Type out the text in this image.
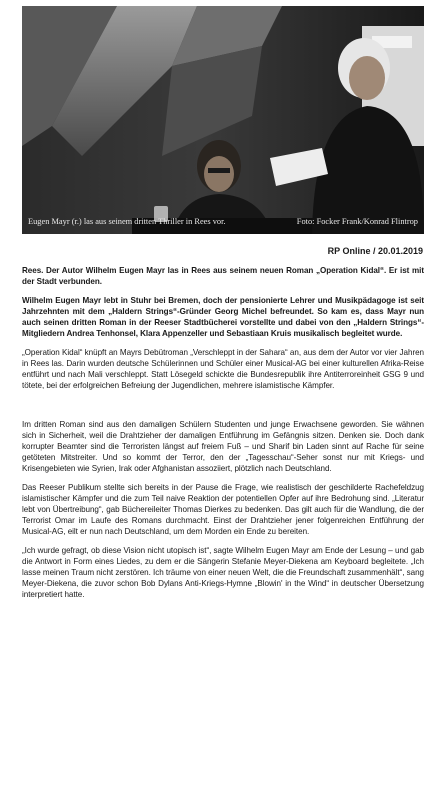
Eugen Mayr (r.) las aus seinem dritten Thriller in Rees vor.	Foto: Focker Frank/Konrad Flintrop
RP Online / 20.01.2019

Rees. Der Autor Wilhelm Eugen Mayr las in Rees aus seinem neuen Roman „Operation Kidal“. Er ist mit der Stadt verbunden.

Wilhelm Eugen Mayr lebt in Stuhr bei Bremen, doch der pensionierte Lehrer und Musikpädagoge ist seit Jahrzehnten mit dem „Haldern Strings“-Gründer Georg Michel befreundet. So kam es, dass Mayr nun auch seinen dritten Roman in der Reeser Stadtbücherei vorstellte und dabei von den „Haldern Strings“-Mitgliedern Andrea Tenhonsel, Klara Appenzeller und Sebastiaan Kruis musikalisch begleitet wurde.

„Operation Kidal“ knüpft an Mayrs Debütroman „Verschleppt in der Sahara“ an, aus dem der Autor vor vier Jahren in Rees las. Darin wurden deutsche Schülerinnen und Schüler einer Musical-AG bei einer kulturellen Afrika-Reise entführt und nach Mali verschleppt. Statt Lösegeld schickte die Bundesrepublik ihre Antiterroreinheit GSG 9 und tötete, bei der erfolgreichen Befreiung der Jugendlichen, mehrere islamistische Kämpfer.

Im dritten Roman sind aus den damaligen Schülern Studenten und junge Erwachsene geworden. Sie wähnen sich in Sicherheit, weil die Drahtzieher der damaligen Entführung im Gefängnis sitzen. Denken sie. Doch dank korrupter Beamter sind die Terroristen längst auf freiem Fuß – und Sharif bin Laden sinnt auf Rache für seine getöteten Mitstreiter. Und so kommt der Terror, den der „Tagesschau“-Seher sonst nur mit Kriegs- und Krisengebieten wie Syrien, Irak oder Afghanistan assoziiert, plötzlich nach Deutschland.

Das Reeser Publikum stellte sich bereits in der Pause die Frage, wie realistisch der geschilderte Rachefeldzug islamistischer Kämpfer und die zum Teil naive Reaktion der potentiellen Opfer auf ihre Bedrohung sind. „Literatur lebt von Übertreibung“, gab Büchereileiter Thomas Dierkes zu bedenken. Das gilt auch für die Wandlung, die der Terrorist Omar im Laufe des Romans durchmacht. Einst der Drahtzieher jener folgenreichen Entführung der Musical-AG, eilt er nun nach Deutschland, um dem Morden ein Ende zu bereiten.

„Ich wurde gefragt, ob diese Vision nicht utopisch ist“, sagte Wilhelm Eugen Mayr am Ende der Lesung – und gab die Antwort in Form eines Liedes, zu dem er die Sängerin Stefanie Meyer-Diekena am Keyboard begleitete. „Ich lasse meinen Traum nicht zerstören. Ich träume von einer neuen Welt, die die Freundschaft zusammenhält“, sang Meyer-Diekena, die zuvor schon Bob Dylans Anti-Kriegs-Hymne „Blowin' in the Wind“ in deutscher Übersetzung interpretiert hatte.
